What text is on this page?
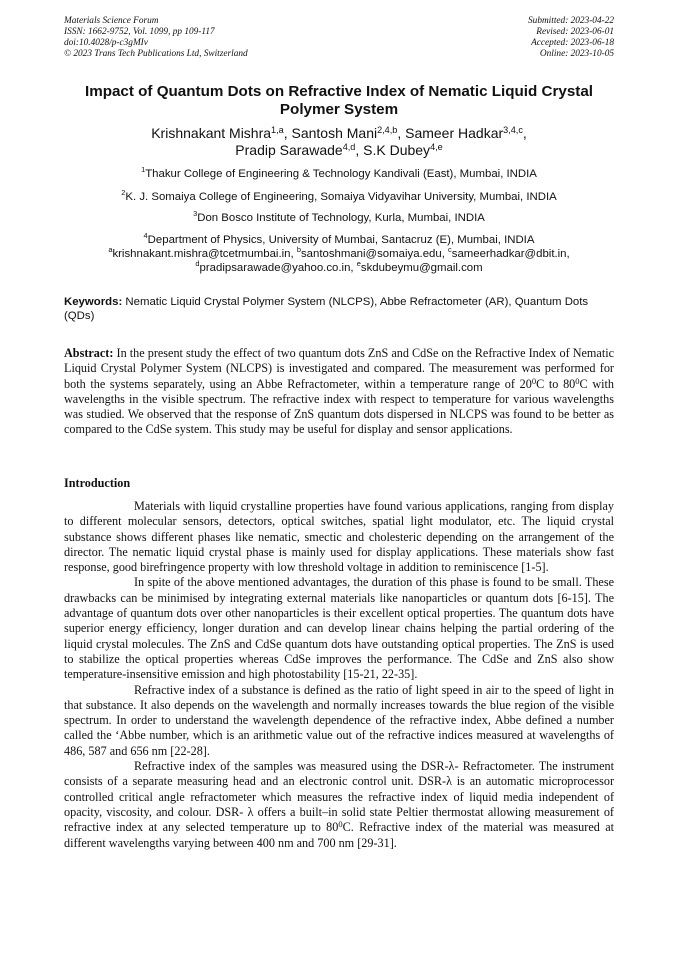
Materials Science Forum
ISSN: 1662-9752, Vol. 1099, pp 109-117
doi:10.4028/p-c3gMIv
© 2023 Trans Tech Publications Ltd, Switzerland
Submitted: 2023-04-22
Revised: 2023-06-01
Accepted: 2023-06-18
Online: 2023-10-05
Impact of Quantum Dots on Refractive Index of Nematic Liquid Crystal Polymer System
Krishnakant Mishra$^{1,a}$, Santosh Mani$^{2,4,b}$, Sameer Hadkar$^{3,4,c}$,
Pradip Sarawade$^{4,d}$, S.K Dubey$^{4,e}$
$^1$Thakur College of Engineering & Technology Kandivali (East), Mumbai, INDIA
$^2$K. J. Somaiya College of Engineering, Somaiya Vidyavihar University, Mumbai, INDIA
$^3$Don Bosco Institute of Technology, Kurla, Mumbai, INDIA
$^4$Department of Physics, University of Mumbai, Santacruz (E), Mumbai, INDIA
$^a$krishnakant.mishra@tcetmumbai.in, $^b$santoshmani@somaiya.edu, $^c$sameerhadkar@dbit.in,
$^d$pradipsarawade@yahoo.co.in, $^e$skdubeymu@gmail.com
Keywords: Nematic Liquid Crystal Polymer System (NLCPS), Abbe Refractometer (AR), Quantum Dots (QDs)
Abstract: In the present study the effect of two quantum dots ZnS and CdSe on the Refractive Index of Nematic Liquid Crystal Polymer System (NLCPS) is investigated and compared. The measurement was performed for both the systems separately, using an Abbe Refractometer, within a temperature range of $20^0C$ to $80^0C$ with wavelengths in the visible spectrum. The refractive index with respect to temperature for various wavelengths was studied. We observed that the response of ZnS quantum dots dispersed in NLCPS was found to be better as compared to the CdSe system. This study may be useful for display and sensor applications.
Introduction

Materials with liquid crystalline properties have found various applications, ranging from display to different molecular sensors, detectors, optical switches, spatial light modulator, etc. The liquid crystal substance shows different phases like nematic, smectic and cholesteric depending on the arrangement of the director. The nematic liquid crystal phase is mainly used for display applications. These materials show fast response, good birefringence property with low threshold voltage in addition to reminiscence [1-5].

In spite of the above mentioned advantages, the duration of this phase is found to be small. These drawbacks can be minimised by integrating external materials like nanoparticles or quantum dots [6-15]. The advantage of quantum dots over other nanoparticles is their excellent optical properties. The quantum dots have superior energy efficiency, longer duration and can develop linear chains helping the partial ordering of the liquid crystal molecules. The ZnS and CdSe quantum dots have outstanding optical properties. The ZnS is used to stabilize the optical properties whereas CdSe improves the performance. The CdSe and ZnS also show temperature-insensitive emission and high photostability [15-21, 22-35].

Refractive index of a substance is defined as the ratio of light speed in air to the speed of light in that substance. It also depends on the wavelength and normally increases towards the blue region of the visible spectrum. In order to understand the wavelength dependence of the refractive index, Abbe defined a number called the ‘Abbe number, which is an arithmetic value out of the refractive indices measured at wavelengths of 486, 587 and 656 nm [22-28].

Refractive index of the samples was measured using the DSR-λ- Refractometer. The instrument consists of a separate measuring head and an electronic control unit. DSR-λ is an automatic microprocessor controlled critical angle refractometer which measures the refractive index of liquid media independent of opacity, viscosity, and colour. DSR- λ offers a built–in solid state Peltier thermostat allowing measurement of refractive index at any selected temperature up to $80^0C$. Refractive index of the material was measured at different wavelengths varying between 400 nm and 700 nm [29-31].
